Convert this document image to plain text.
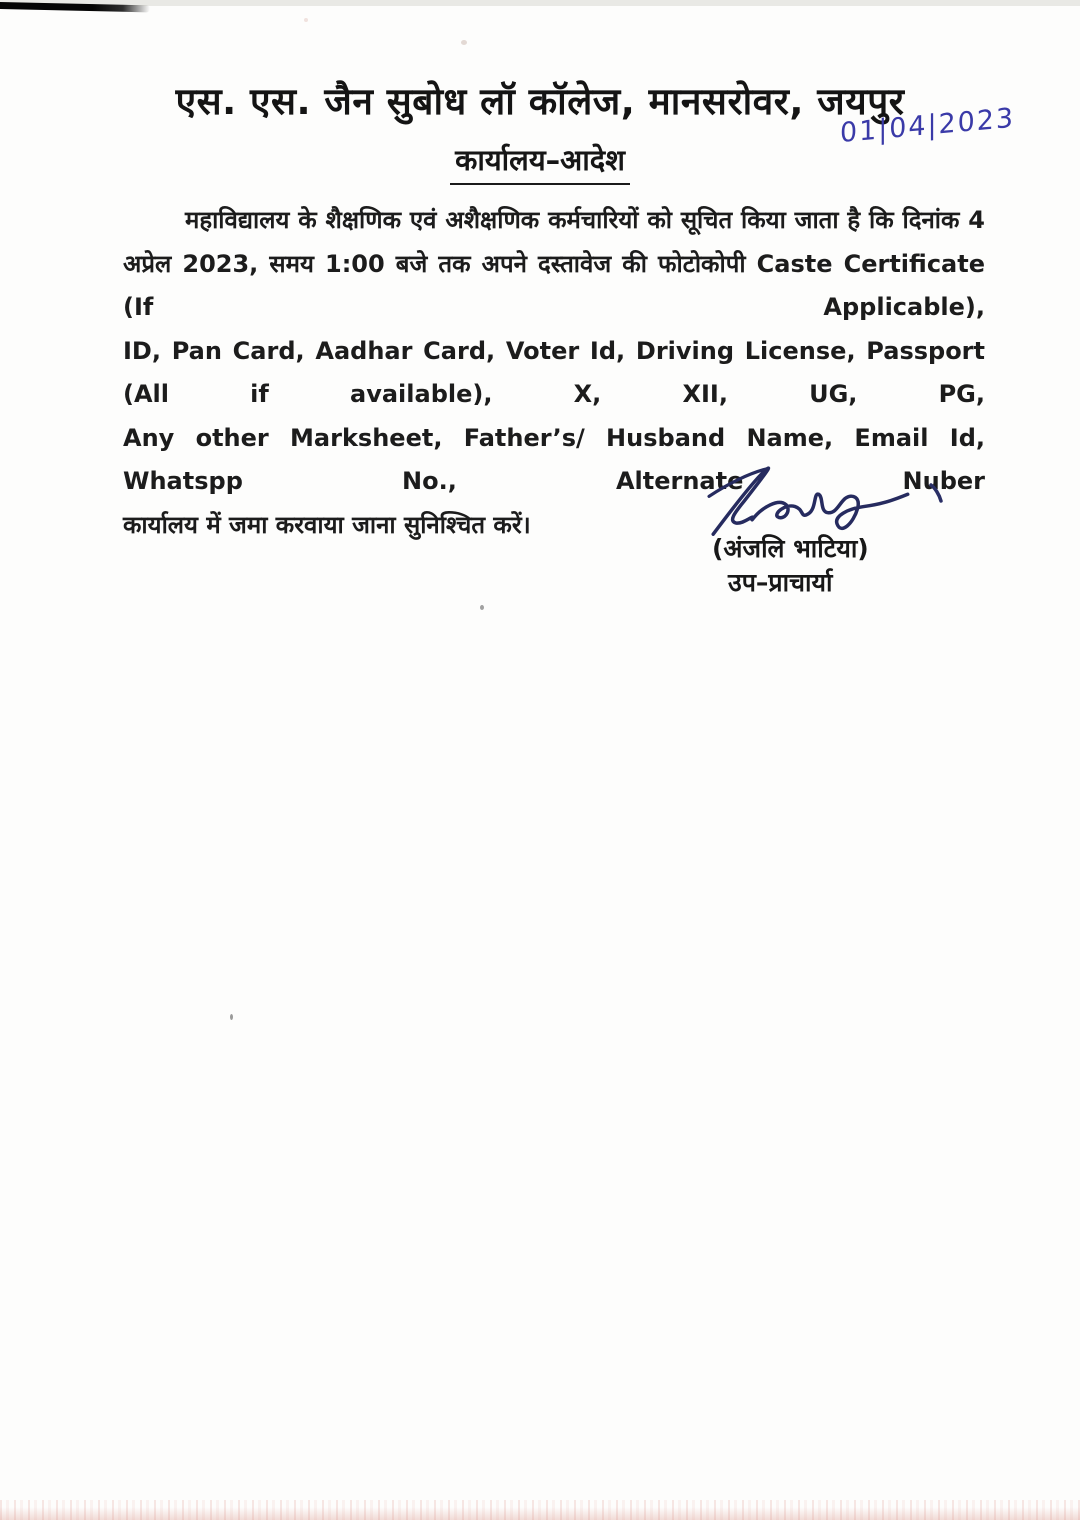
एस. एस. जैन सुबोध लॉ कॉलेज, मानसरोवर, जयपुर
01|04|2023
कार्यालय–आदेश
महाविद्यालय के शैक्षणिक एवं अशैक्षणिक कर्मचारियों को सूचित किया जाता है कि दिनांक 4
अप्रेल 2023, समय 1:00 बजे तक अपने दस्तावेज की फोटोकोपी Caste Certificate (If Applicable),
ID, Pan Card, Aadhar Card, Voter Id, Driving License, Passport (All if available), X, XII, UG, PG,
Any other Marksheet, Father’s/ Husband Name, Email Id, Whatspp No., Alternate Nuber
कार्यालय में जमा करवाया जाना सुनिश्चित करें।
(अंजलि भाटिया)
उप–प्राचार्या
